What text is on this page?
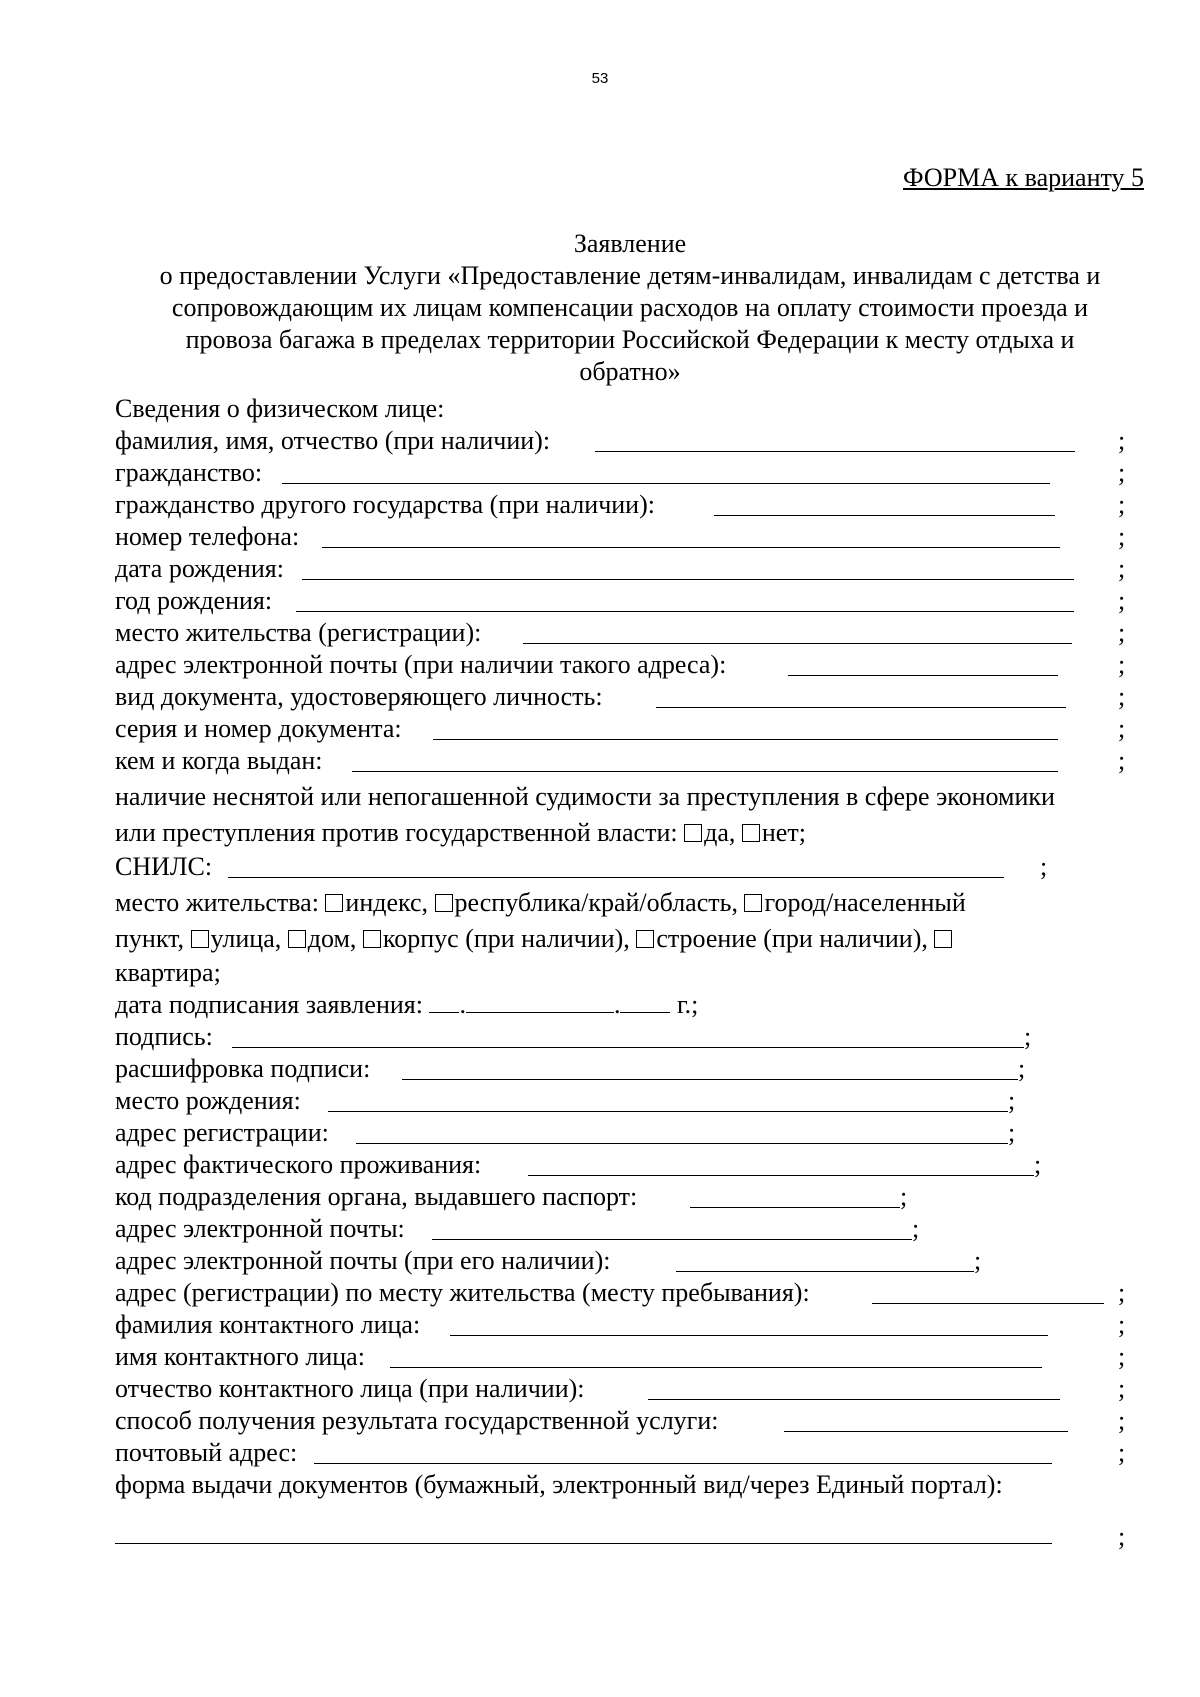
53
ФОРМА к варианту 5
Заявление
о предоставлении Услуги «Предоставление детям-инвалидам, инвалидам с детства и
сопровождающим их лицам компенсации расходов на оплату стоимости проезда и
провоза багажа в пределах территории Российской Федерации к месту отдыха и
обратно»
Сведения о физическом лице:
фамилия, имя, отчество (при наличии):	;
гражданство:	;
гражданство другого государства (при наличии):	;
номер телефона:	;
дата рождения:	;
год рождения:	;
место жительства (регистрации):	;
адрес электронной почты (при наличии такого адреса):	;
вид документа, удостоверяющего личность:	;
серия и номер документа:	;
кем и когда выдан:	;
наличие неснятой или непогашенной судимости за преступления в сфере экономики
или преступления против государственной власти: да, нет;
СНИЛС:	;
место жительства: индекс, республика/край/область, город/населенный
пункт, улица, дом, корпус (при наличии), строение (при наличии),
квартира;
дата подписания заявления: .	. г.;
подпись:	;
расшифровка подписи:	;
место рождения:	;
адрес регистрации:	;
адрес фактического проживания:	;
код подразделения органа, выдавшего паспорт:	;
адрес электронной почты:	;
адрес электронной почты (при его наличии):	;
адрес (регистрации) по месту жительства (месту пребывания):	;
фамилия контактного лица:	;
имя контактного лица:	;
отчество контактного лица (при наличии):	;
способ получения результата государственной услуги:	;
почтовый адрес:	;
форма выдачи документов (бумажный, электронный вид/через Единый портал):
;
